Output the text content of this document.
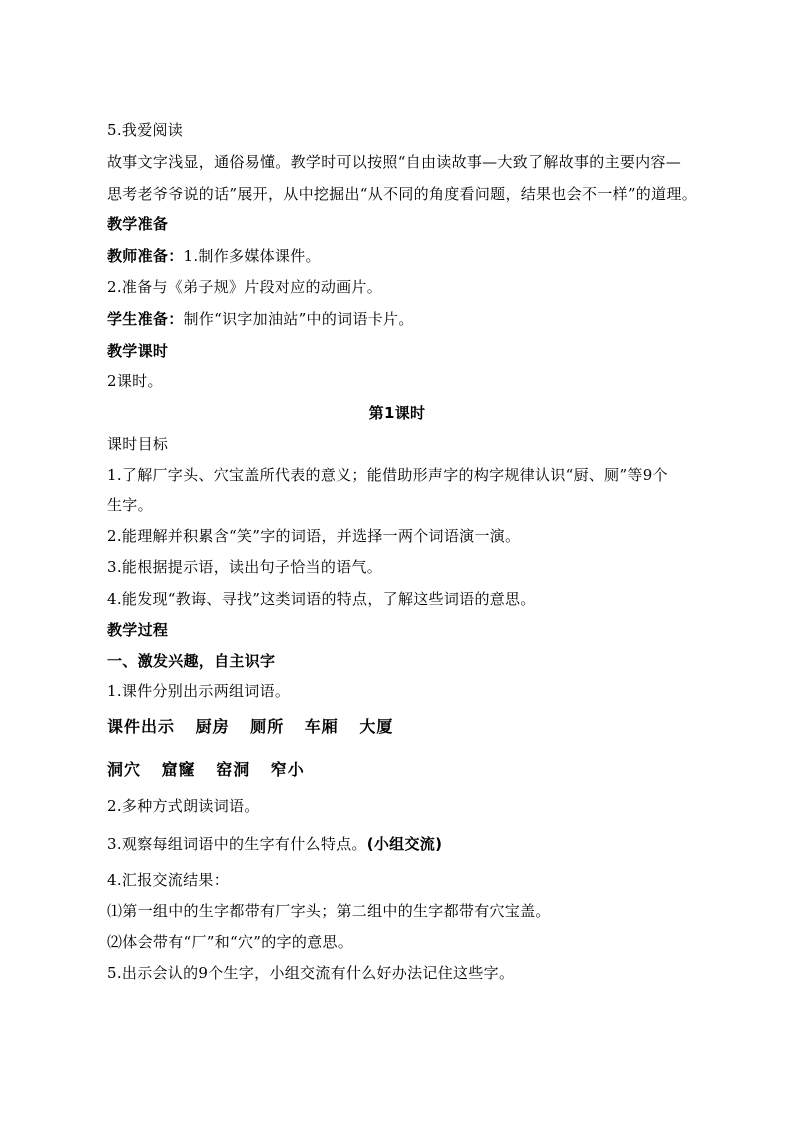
5.我爱阅读
故事文字浅显，通俗易懂。教学时可以按照“自由读故事—大致了解故事的主要内容—
思考老爷爷说的话”展开，从中挖掘出“从不同的角度看问题，结果也会不一样”的道理。
教学准备
教师准备：1.制作多媒体课件。
2.准备与《弟子规》片段对应的动画片。
学生准备：制作“识字加油站”中的词语卡片。
教学课时
2课时。
第1课时
课时目标
1.了解厂字头、穴宝盖所代表的意义；能借助形声字的构字规律认识“厨、厕”等9个
生字。
2.能理解并积累含“笑”字的词语，并选择一两个词语演一演。
3.能根据提示语，读出句子恰当的语气。
4.能发现“教诲、寻找”这类词语的特点，了解这些词语的意思。
教学过程
一、激发兴趣，自主识字
1.课件分别出示两组词语。
课件出示 厨房 厕所 车厢 大厦
洞穴 窟窿 窑洞 窄小
2.多种方式朗读词语。
3.观察每组词语中的生字有什么特点。(小组交流)
4.汇报交流结果：
⑴第一组中的生字都带有厂字头；第二组中的生字都带有穴宝盖。
⑵体会带有“厂”和“穴”的字的意思。
5.出示会认的9个生字，小组交流有什么好办法记住这些字。
